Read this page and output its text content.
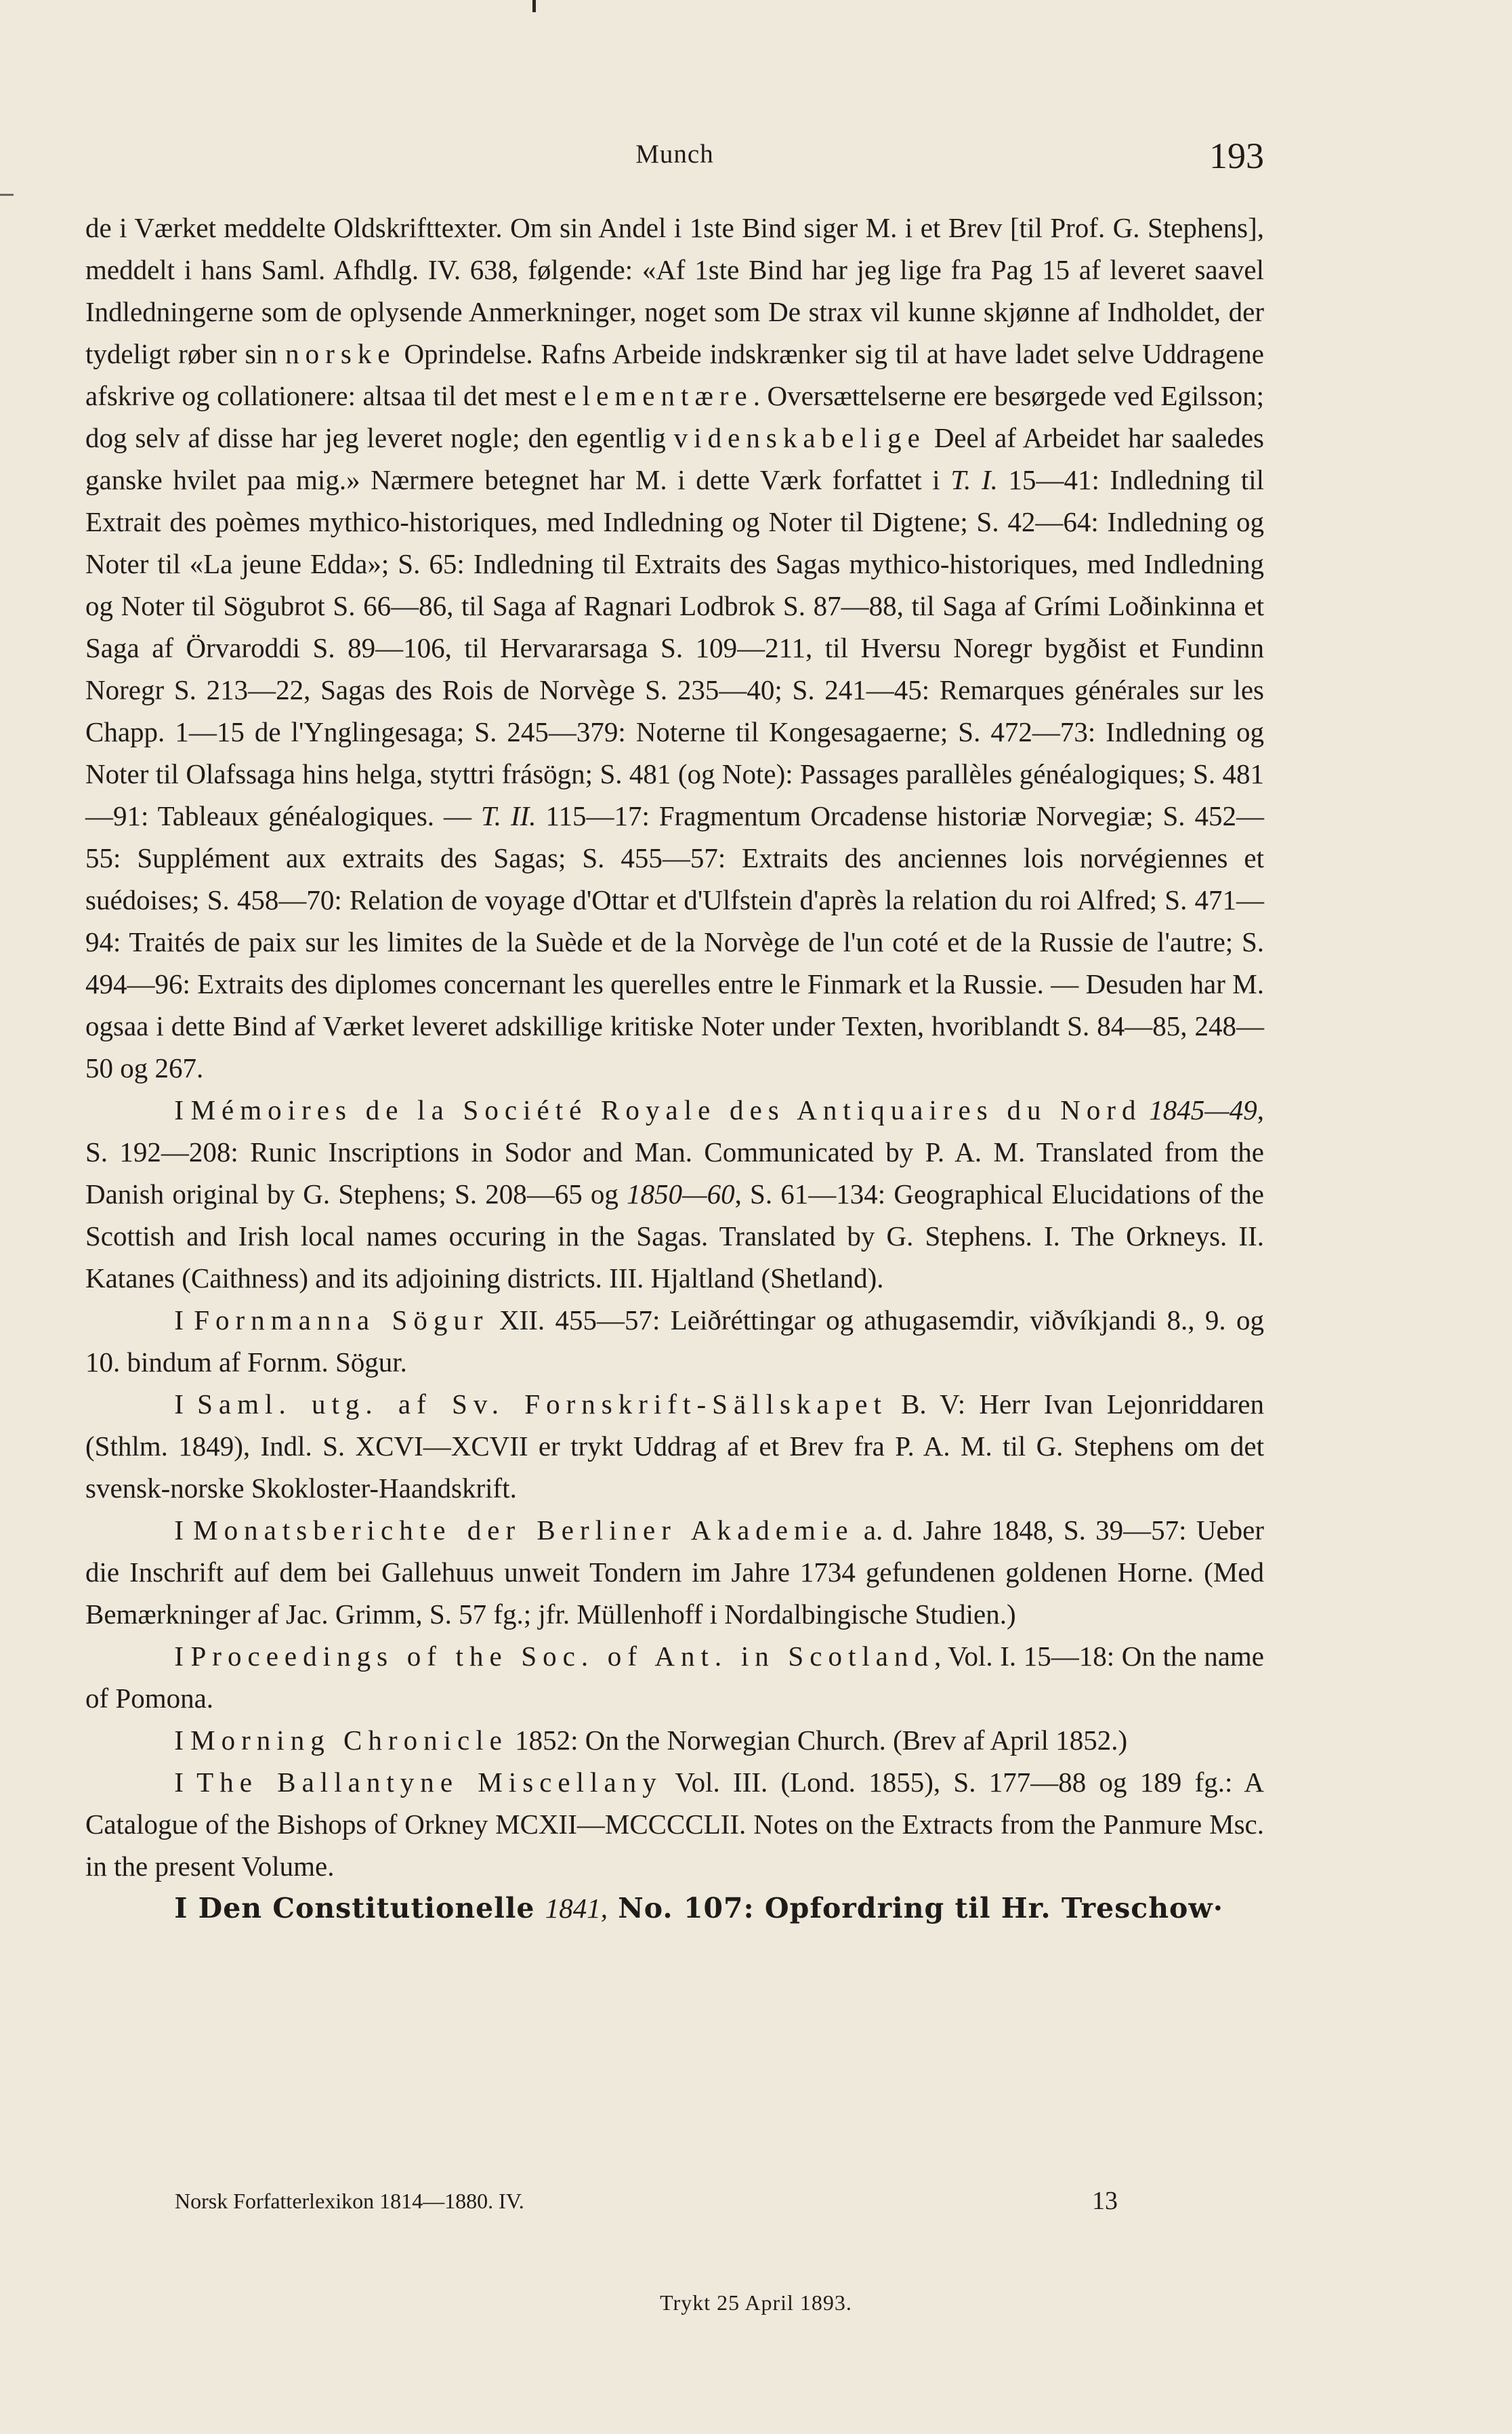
Munch	193

de i Værket meddelte Oldskrifttexter. Om sin Andel i 1ste Bind siger M. i et Brev [til Prof. G. Stephens], meddelt i hans Saml. Afhdlg. IV. 638, følgende: «Af 1ste Bind har jeg lige fra Pag 15 af leveret saavel Indledningerne som de oplysende Anmerkninger, noget som De strax vil kunne skjønne af Indholdet, der tydeligt røber sin norske Oprindelse. Rafns Arbeide indskrænker sig til at have ladet selve Uddragene afskrive og collationere: altsaa til det mest elementære. Oversættelserne ere besørgede ved Egilsson; dog selv af disse har jeg leveret nogle; den egentlig videnskabelige Deel af Arbeidet har saaledes ganske hvilet paa mig.» Nærmere betegnet har M. i dette Værk forfattet i T. I. 15—41: Indledning til Extrait des poèmes mythico-historiques, med Indledning og Noter til Digtene; S. 42—64: Indledning og Noter til «La jeune Edda»; S. 65: Indledning til Extraits des Sagas mythico-historiques, med Indledning og Noter til Sögubrot S. 66—86, til Saga af Ragnari Lodbrok S. 87—88, til Saga af Grími Loðinkinna et Saga af Örvaroddi S. 89—106, til Hervararsaga S. 109—211, til Hversu Noregr bygðist et Fundinn Noregr S. 213—22, Sagas des Rois de Norvège S. 235—40; S. 241—45: Remarques générales sur les Chapp. 1—15 de l'Ynglingesaga; S. 245—379: Noterne til Kongesagaerne; S. 472—73: Indledning og Noter til Olafssaga hins helga, styttri frásögn; S. 481 (og Note): Passages parallèles généalogiques; S. 481—91: Tableaux généalogiques. — T. II. 115—17: Fragmentum Orcadense historiæ Norvegiæ; S. 452—55: Supplément aux extraits des Sagas; S. 455—57: Extraits des anciennes lois norvégiennes et suédoises; S. 458—70: Relation de voyage d'Ottar et d'Ulfstein d'après la relation du roi Alfred; S. 471—94: Traités de paix sur les limites de la Suède et de la Norvège de l'un coté et de la Russie de l'autre; S. 494—96: Extraits des diplomes concernant les querelles entre le Finmark et la Russie. — Desuden har M. ogsaa i dette Bind af Værket leveret adskillige kritiske Noter under Texten, hvoriblandt S. 84—85, 248—50 og 267.

I Mémoires de la Société Royale des Antiquaires du Nord 1845—49, S. 192—208: Runic Inscriptions in Sodor and Man. Communicated by P. A. M. Translated from the Danish original by G. Stephens; S. 208—65 og 1850—60, S. 61—134: Geographical Elucidations of the Scottish and Irish local names occuring in the Sagas. Translated by G. Stephens. I. The Orkneys. II. Katanes (Caithness) and its adjoining districts. III. Hjaltland (Shetland).

I Fornmanna Sögur XII. 455—57: Leiðréttingar og athugasemdir, viðvíkjandi 8., 9. og 10. bindum af Fornm. Sögur.

I Saml. utg. af Sv. Fornskrift-Sällskapet B. V: Herr Ivan Lejonriddaren (Sthlm. 1849), Indl. S. XCVI—XCVII er trykt Uddrag af et Brev fra P. A. M. til G. Stephens om det svensk-norske Skokloster-Haandskrift.

I Monatsberichte der Berliner Akademie a. d. Jahre 1848, S. 39—57: Ueber die Inschrift auf dem bei Gallehuus unweit Tondern im Jahre 1734 gefundenen goldenen Horne. (Med Bemærkninger af Jac. Grimm, S. 57 fg.; jfr. Müllenhoff i Nordalbingische Studien.)

I Proceedings of the Soc. of Ant. in Scotland, Vol. I. 15—18: On the name of Pomona.

I Morning Chronicle 1852: On the Norwegian Church. (Brev af April 1852.)

I The Ballantyne Miscellany Vol. III. (Lond. 1855), S. 177—88 og 189 fg.: A Catalogue of the Bishops of Orkney MCXII—MCCCCLII. Notes on the Extracts from the Panmure Msc. in the present Volume.

I Den Constitutionelle 1841, No. 107: Opfordring til Hr. Treschow·

Norsk Forfatterlexikon 1814—1880. IV.	13
Trykt 25 April 1893.
